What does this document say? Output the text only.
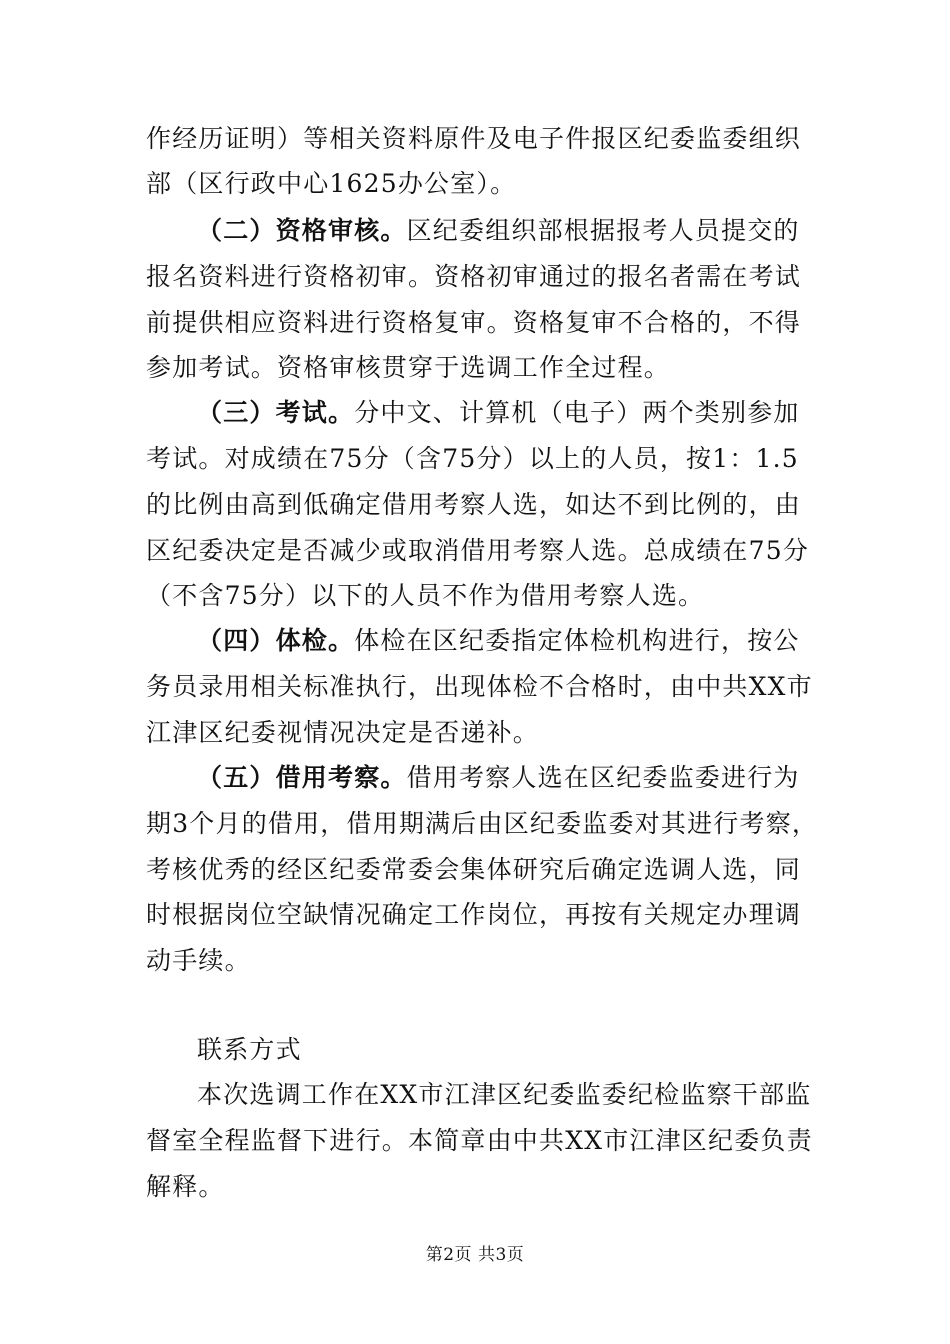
作经历证明）等相关资料原件及电子件报区纪委监委组织
部（区行政中心1625办公室）。
（二）资格审核。区纪委组织部根据报考人员提交的
报名资料进行资格初审。资格初审通过的报名者需在考试
前提供相应资料进行资格复审。资格复审不合格的，不得
参加考试。资格审核贯穿于选调工作全过程。
（三）考试。分中文、计算机（电子）两个类别参加
考试。对成绩在75分（含75分）以上的人员，按1：1.5
的比例由高到低确定借用考察人选，如达不到比例的，由
区纪委决定是否减少或取消借用考察人选。总成绩在75分
（不含75分）以下的人员不作为借用考察人选。
（四）体检。体检在区纪委指定体检机构进行，按公
务员录用相关标准执行，出现体检不合格时，由中共XX市
江津区纪委视情况决定是否递补。
（五）借用考察。借用考察人选在区纪委监委进行为
期3个月的借用，借用期满后由区纪委监委对其进行考察，
考核优秀的经区纪委常委会集体研究后确定选调人选，同
时根据岗位空缺情况确定工作岗位，再按有关规定办理调
动手续。
联系方式
本次选调工作在XX市江津区纪委监委纪检监察干部监
督室全程监督下进行。本简章由中共XX市江津区纪委负责
解释。
第2页 共3页
